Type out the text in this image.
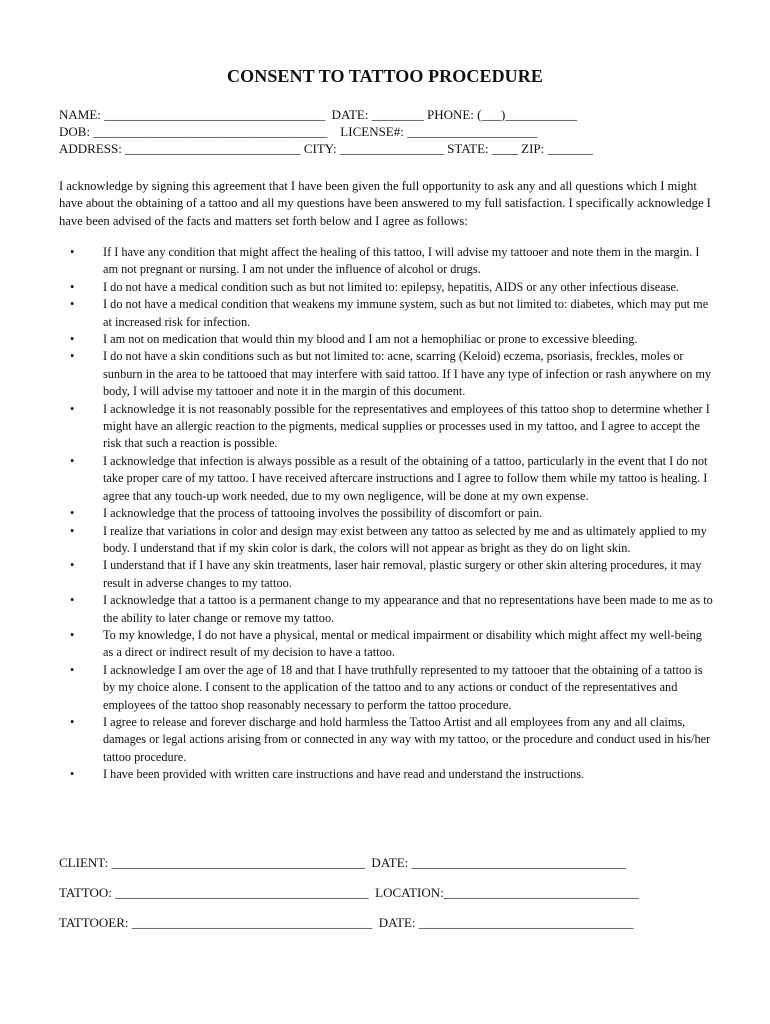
CONSENT TO TATTOO PROCEDURE
NAME: __________________________________  DATE: ________ PHONE: (___)___________
DOB: ____________________________________    LICENSE#: ____________________
ADDRESS: ___________________________ CITY: ________________ STATE: ____ ZIP: _______
I acknowledge by signing this agreement that I have been given the full opportunity to ask any and all questions which I might have about the obtaining of a tattoo and all my questions have been answered to my full satisfaction. I specifically acknowledge I have been advised of the facts and matters set forth below and I agree as follows:
• If I have any condition that might affect the healing of this tattoo, I will advise my tattooer and note them in the margin. I am not pregnant or nursing. I am not under the influence of alcohol or drugs.
• I do not have a medical condition such as but not limited to: epilepsy, hepatitis, AIDS or any other infectious disease.
• I do not have a medical condition that weakens my immune system, such as but not limited to: diabetes, which may put me at increased risk for infection.
• I am not on medication that would thin my blood and I am not a hemophiliac or prone to excessive bleeding.
• I do not have a skin conditions such as but not limited to: acne, scarring (Keloid) eczema, psoriasis, freckles, moles or sunburn in the area to be tattooed that may interfere with said tattoo. If I have any type of infection or rash anywhere on my body, I will advise my tattooer and note it in the margin of this document.
• I acknowledge it is not reasonably possible for the representatives and employees of this tattoo shop to determine whether I might have an allergic reaction to the pigments, medical supplies or processes used in my tattoo, and I agree to accept the risk that such a reaction is possible.
• I acknowledge that infection is always possible as a result of the obtaining of a tattoo, particularly in the event that I do not take proper care of my tattoo. I have received aftercare instructions and I agree to follow them while my tattoo is healing. I agree that any touch-up work needed, due to my own negligence, will be done at my own expense.
• I acknowledge that the process of tattooing involves the possibility of discomfort or pain.
• I realize that variations in color and design may exist between any tattoo as selected by me and as ultimately applied to my body. I understand that if my skin color is dark, the colors will not appear as bright as they do on light skin.
• I understand that if I have any skin treatments, laser hair removal, plastic surgery or other skin altering procedures, it may result in adverse changes to my tattoo.
• I acknowledge that a tattoo is a permanent change to my appearance and that no representations have been made to me as to the ability to later change or remove my tattoo.
• To my knowledge, I do not have a physical, mental or medical impairment or disability which might affect my well-being as a direct or indirect result of my decision to have a tattoo.
• I acknowledge I am over the age of 18 and that I have truthfully represented to my tattooer that the obtaining of a tattoo is by my choice alone. I consent to the application of the tattoo and to any actions or conduct of the representatives and employees of the tattoo shop reasonably necessary to perform the tattoo procedure.
• I agree to release and forever discharge and hold harmless the Tattoo Artist and all employees from any and all claims, damages or legal actions arising from or connected in any way with my tattoo, or the procedure and conduct used in his/her tattoo procedure.
• I have been provided with written care instructions and have read and understand the instructions.
CLIENT: _______________________________________  DATE: _________________________________
TATTOO: _______________________________________  LOCATION:______________________________
TATTOOER: _____________________________________  DATE: _________________________________
